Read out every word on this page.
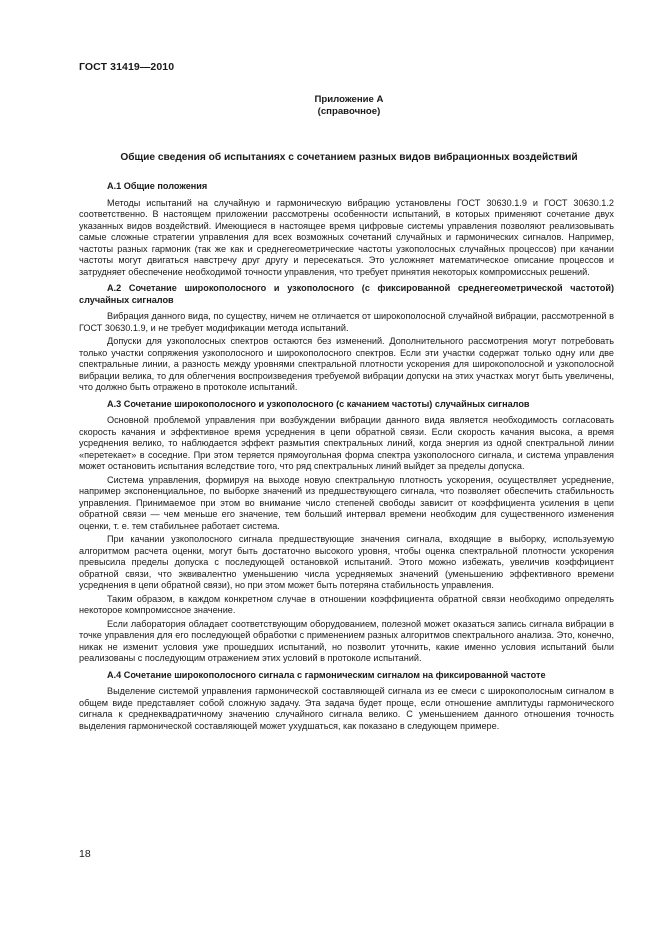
ГОСТ 31419—2010
Приложение А
(справочное)
Общие сведения об испытаниях с сочетанием разных видов вибрационных воздействий
А.1 Общие положения

Методы испытаний на случайную и гармоническую вибрацию установлены ГОСТ 30630.1.9 и ГОСТ 30630.1.2 соответственно. В настоящем приложении рассмотрены особенности испытаний, в которых применяют сочетание двух указанных видов воздействий. Имеющиеся в настоящее время цифровые системы управления позволяют реализовывать самые сложные стратегии управления для всех возможных сочетаний случайных и гармонических сигналов. Например, частоты разных гармоник (так же как и среднегеометрические частоты узкополосных случайных процессов) при качании частоты могут двигаться навстречу друг другу и пересекаться. Это усложняет математическое описание процессов и затрудняет обеспечение необходимой точности управления, что требует принятия некоторых компромиссных решений.

А.2 Сочетание широкополосного и узкополосного (с фиксированной среднегеометрической частотой) случайных сигналов

Вибрация данного вида, по существу, ничем не отличается от широкополосной случайной вибрации, рассмотренной в ГОСТ 30630.1.9, и не требует модификации метода испытаний.

Допуски для узкополосных спектров остаются без изменений. Дополнительного рассмотрения могут потребовать только участки сопряжения узкополосного и широкополосного спектров. Если эти участки содержат только одну или две спектральные линии, а разность между уровнями спектральной плотности ускорения для широкополосной и узкополосной вибрации велика, то для облегчения воспроизведения требуемой вибрации допуски на этих участках могут быть увеличены, что должно быть отражено в протоколе испытаний.

А.3 Сочетание широкополосного и узкополосного (с качанием частоты) случайных сигналов

Основной проблемой управления при возбуждении вибрации данного вида является необходимость согласовать скорость качания и эффективное время усреднения в цепи обратной связи. Если скорость качания высока, а время усреднения велико, то наблюдается эффект размытия спектральных линий, когда энергия из одной спектральной линии «перетекает» в соседние. При этом теряется прямоугольная форма спектра узкополосного сигнала, и система управления может остановить испытания вследствие того, что ряд спектральных линий выйдет за пределы допуска.

Система управления, формируя на выходе новую спектральную плотность ускорения, осуществляет усреднение, например экспоненциальное, по выборке значений из предшествующего сигнала, что позволяет обеспечить стабильность управления. Принимаемое при этом во внимание число степеней свободы зависит от коэффициента усиления в цепи обратной связи — чем меньше его значение, тем больший интервал времени необходим для существенного изменения оценки, т. е. тем стабильнее работает система.

При качании узкополосного сигнала предшествующие значения сигнала, входящие в выборку, используемую алгоритмом расчета оценки, могут быть достаточно высокого уровня, чтобы оценка спектральной плотности ускорения превысила пределы допуска с последующей остановкой испытаний. Этого можно избежать, увеличив коэффициент обратной связи, что эквивалентно уменьшению числа усредняемых значений (уменьшению эффективного времени усреднения в цепи обратной связи), но при этом может быть потеряна стабильность управления.

Таким образом, в каждом конкретном случае в отношении коэффициента обратной связи необходимо определять некоторое компромиссное значение.

Если лаборатория обладает соответствующим оборудованием, полезной может оказаться запись сигнала вибрации в точке управления для его последующей обработки с применением разных алгоритмов спектрального анализа. Это, конечно, никак не изменит условия уже прошедших испытаний, но позволит уточнить, какие именно условия испытаний были реализованы с последующим отражением этих условий в протоколе испытаний.

А.4 Сочетание широкополосного сигнала с гармоническим сигналом на фиксированной частоте

Выделение системой управления гармонической составляющей сигнала из ее смеси с широкополосным сигналом в общем виде представляет собой сложную задачу. Эта задача будет проще, если отношение амплитуды гармонического сигнала к среднеквадратичному значению случайного сигнала велико. С уменьшением данного отношения точность выделения гармонической составляющей может ухудшаться, как показано в следующем примере.

18
